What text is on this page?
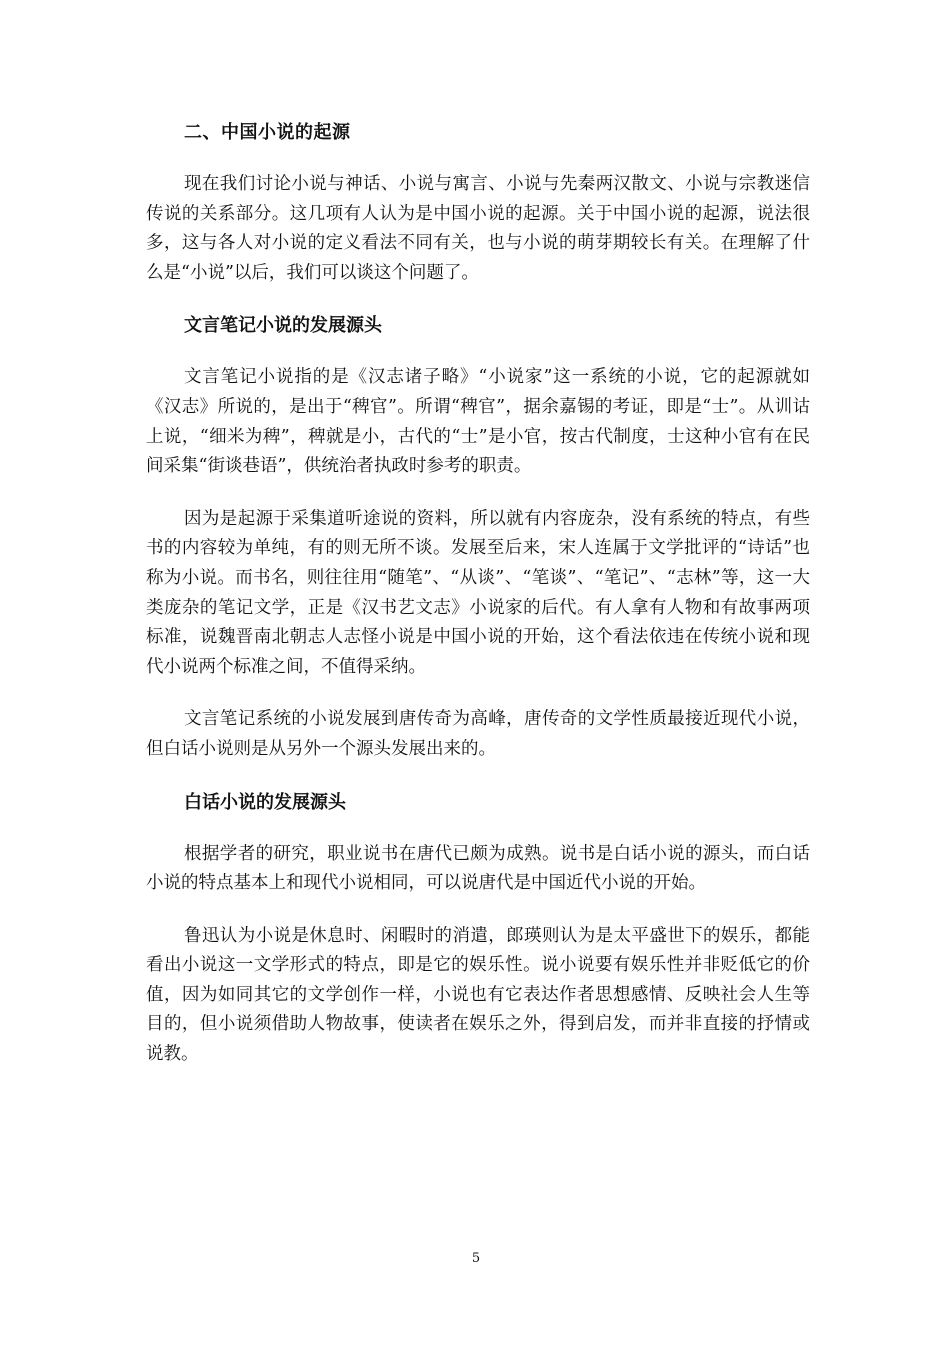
二、中国小说的起源

现在我们讨论小说与神话、小说与寓言、小说与先秦两汉散文、小说与宗教迷信传说的关系部分。这几项有人认为是中国小说的起源。关于中国小说的起源，说法很多，这与各人对小说的定义看法不同有关，也与小说的萌芽期较长有关。在理解了什么是“小说”以后，我们可以谈这个问题了。

文言笔记小说的发展源头

文言笔记小说指的是《汉志诸子略》“小说家”这一系统的小说，它的起源就如《汉志》所说的，是出于“稗官”。所谓“稗官”，据余嘉锡的考证，即是“士”。从训诂上说，“细米为稗”，稗就是小，古代的“士”是小官，按古代制度，士这种小官有在民间采集“街谈巷语”，供统治者执政时参考的职责。

因为是起源于采集道听途说的资料，所以就有内容庞杂，没有系统的特点，有些书的内容较为单纯，有的则无所不谈。发展至后来，宋人连属于文学批评的“诗话”也称为小说。而书名，则往往用“随笔”、“从谈”、“笔谈”、“笔记”、“志林”等，这一大类庞杂的笔记文学，正是《汉书艺文志》小说家的后代。有人拿有人物和有故事两项标准，说魏晋南北朝志人志怪小说是中国小说的开始，这个看法依违在传统小说和现代小说两个标准之间，不值得采纳。

文言笔记系统的小说发展到唐传奇为高峰，唐传奇的文学性质最接近现代小说，但白话小说则是从另外一个源头发展出来的。

白话小说的发展源头

根据学者的研究，职业说书在唐代已颇为成熟。说书是白话小说的源头，而白话小说的特点基本上和现代小说相同，可以说唐代是中国近代小说的开始。

鲁迅认为小说是休息时、闲暇时的消遣，郎瑛则认为是太平盛世下的娱乐，都能看出小说这一文学形式的特点，即是它的娱乐性。说小说要有娱乐性并非贬低它的价值，因为如同其它的文学创作一样，小说也有它表达作者思想感情、反映社会人生等目的，但小说须借助人物故事，使读者在娱乐之外，得到启发，而并非直接的抒情或说教。

5
